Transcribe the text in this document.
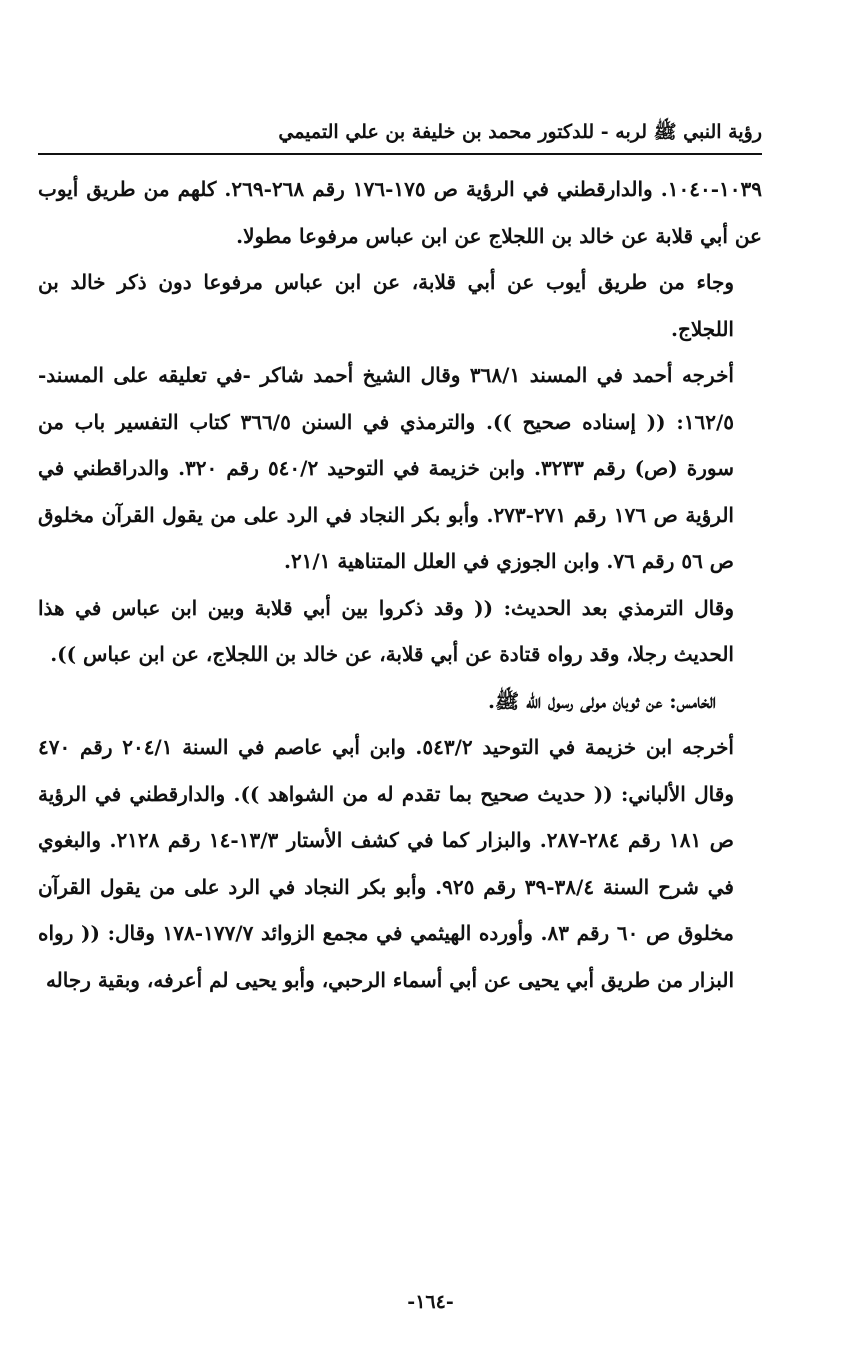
رؤية النبي ﷺ لربه - للدكتور محمد بن خليفة بن علي التميمي

١٠٣٩-١٠٤٠. والدارقطني في الرؤية ص ١٧٥-١٧٦ رقم ٢٦٨-٢٦٩. كلهم من طريق أيوب عن أبي قلابة عن خالد بن اللجلاج عن ابن عباس مرفوعا مطولا.

وجاء من طريق أيوب عن أبي قلابة، عن ابن عباس مرفوعا دون ذكر خالد بن اللجلاج.

أخرجه أحمد في المسند ٣٦٨/١ وقال الشيخ أحمد شاكر -في تعليقه على المسند- ١٦٢/٥: (( إسناده صحيح )). والترمذي في السنن ٣٦٦/٥ كتاب التفسير باب من سورة (ص) رقم ٣٢٣٣. وابن خزيمة في التوحيد ٥٤٠/٢ رقم ٣٢٠. والدراقطني في الرؤية ص ١٧٦ رقم ٢٧١-٢٧٣. وأبو بكر النجاد في الرد على من يقول القرآن مخلوق ص ٥٦ رقم ٧٦. وابن الجوزي في العلل المتناهية ٢١/١.

وقال الترمذي بعد الحديث: (( وقد ذكروا بين أبي قلابة وبين ابن عباس في هذا الحديث رجلا، وقد رواه قتادة عن أبي قلابة، عن خالد بن اللجلاج، عن ابن عباس )).

الخامس: عن ثوبان مولى رسول الله ﷺ.

أخرجه ابن خزيمة في التوحيد ٥٤٣/٢. وابن أبي عاصم في السنة ٢٠٤/١ رقم ٤٧٠ وقال الألباني: (( حديث صحيح بما تقدم له من الشواهد )). والدارقطني في الرؤية ص ١٨١ رقم ٢٨٤-٢٨٧. والبزار كما في كشف الأستار ١٣/٣-١٤ رقم ٢١٢٨. والبغوي في شرح السنة ٣٨/٤-٣٩ رقم ٩٢٥. وأبو بكر النجاد في الرد على من يقول القرآن مخلوق ص ٦٠ رقم ٨٣. وأورده الهيثمي في مجمع الزوائد ١٧٧/٧-١٧٨ وقال: (( رواه البزار من طريق أبي يحيى عن أبي أسماء الرحبي، وأبو يحيى لم أعرفه، وبقية رجاله

-١٦٤-
